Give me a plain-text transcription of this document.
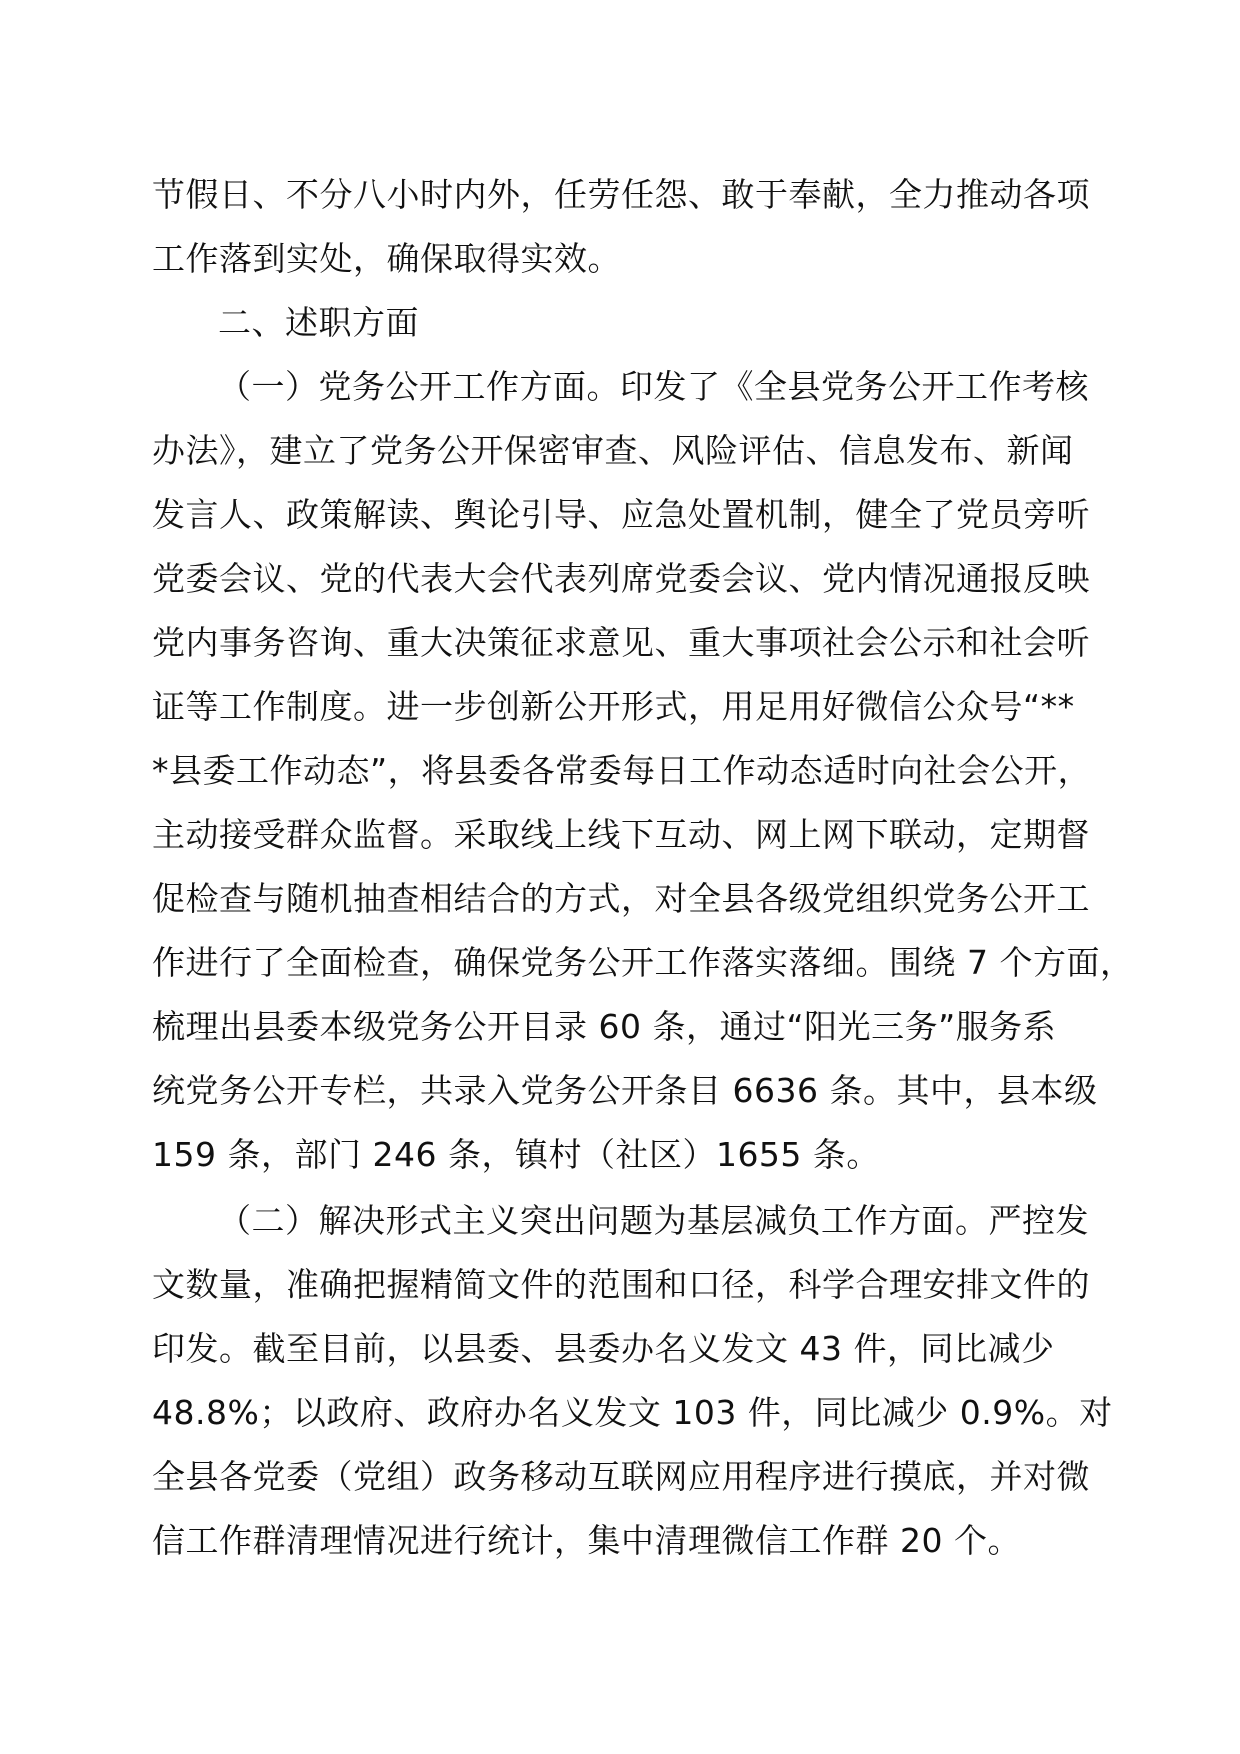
节假日、不分八小时内外，任劳任怨、敢于奉献，全力推动各项
工作落到实处，确保取得实效。
二、述职方面
（一）党务公开工作方面。印发了《全县党务公开工作考核
办法》，建立了党务公开保密审查、风险评估、信息发布、新闻
发言人、政策解读、舆论引导、应急处置机制，健全了党员旁听
党委会议、党的代表大会代表列席党委会议、党内情况通报反映
党内事务咨询、重大决策征求意见、重大事项社会公示和社会听
证等工作制度。进一步创新公开形式，用足用好微信公众号“**
*县委工作动态”，将县委各常委每日工作动态适时向社会公开，
主动接受群众监督。采取线上线下互动、网上网下联动，定期督
促检查与随机抽查相结合的方式，对全县各级党组织党务公开工
作进行了全面检查，确保党务公开工作落实落细。围绕 7 个方面，
梳理出县委本级党务公开目录 60 条，通过“阳光三务”服务系
统党务公开专栏，共录入党务公开条目 6636 条。其中，县本级
159 条，部门 246 条，镇村（社区）1655 条。
（二）解决形式主义突出问题为基层减负工作方面。严控发
文数量，准确把握精简文件的范围和口径，科学合理安排文件的
印发。截至目前，以县委、县委办名义发文 43 件，同比减少
48.8%；以政府、政府办名义发文 103 件，同比减少 0.9%。对
全县各党委（党组）政务移动互联网应用程序进行摸底，并对微
信工作群清理情况进行统计，集中清理微信工作群 20 个。
